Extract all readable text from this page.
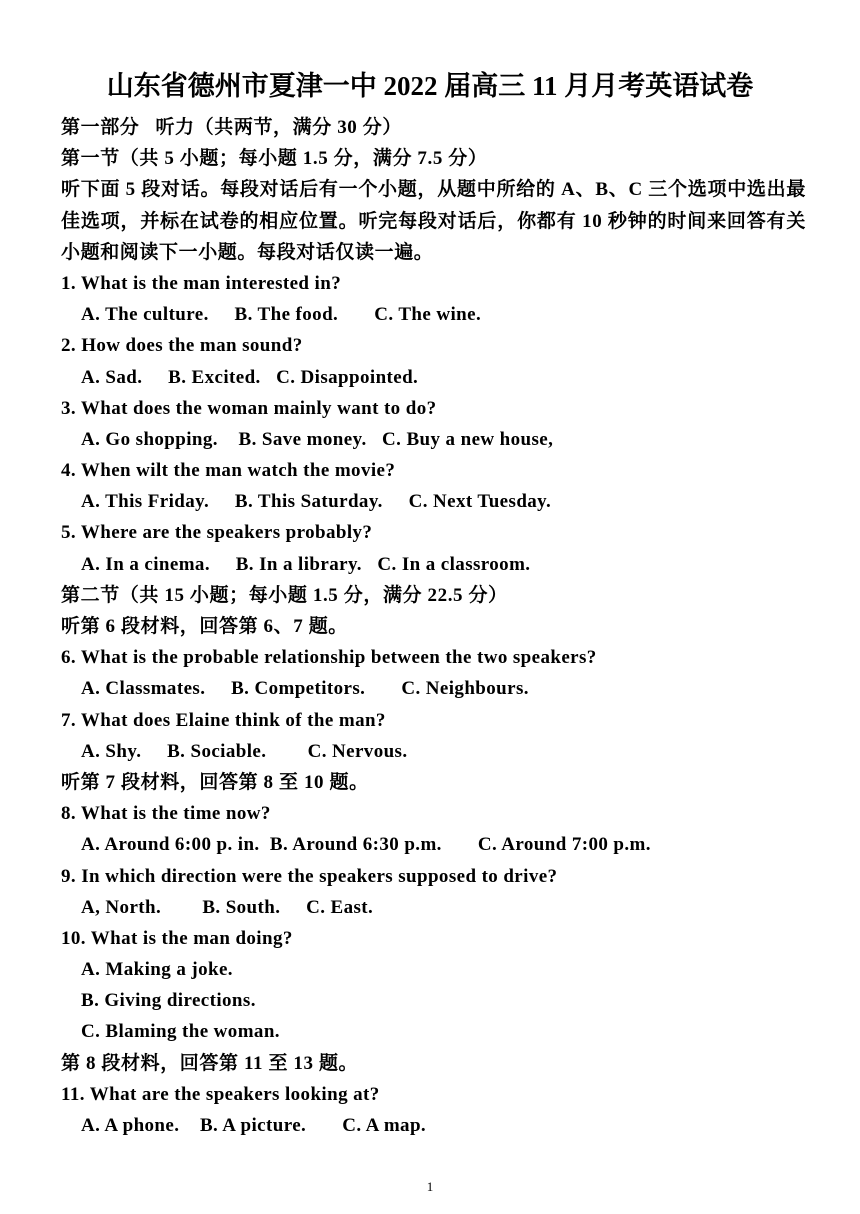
山东省德州市夏津一中 2022 届高三 11 月月考英语试卷
第一部分   听力（共两节，满分 30 分）
第一节（共 5 小题；每小题 1.5 分，满分 7.5 分）
听下面 5 段对话。每段对话后有一个小题，从题中所给的 A、B、C 三个选项中选出最佳选项，并标在试卷的相应位置。听完每段对话后，你都有 10 秒钟的时间来回答有关小题和阅读下一小题。每段对话仅读一遍。
1. What is the man interested in?
A. The culture.     B. The food.       C. The wine.
2. How does the man sound?
A. Sad.     B. Excited.   C. Disappointed.
3. What does the woman mainly want to do?
A. Go shopping.    B. Save money.   C. Buy a new house,
4. When wilt the man watch the movie?
A. This Friday.     B. This Saturday.     C. Next Tuesday.
5. Where are the speakers probably?
A. In a cinema.     B. In a library.   C. In a classroom.
第二节（共 15 小题；每小题 1.5 分，满分 22.5 分）
听第 6 段材料，回答第 6、7 题。
6. What is the probable relationship between the two speakers?
A. Classmates.     B. Competitors.       C. Neighbours.
7. What does Elaine think of the man?
A. Shy.     B. Sociable.        C. Nervous.
听第 7 段材料，回答第 8 至 10 题。
8. What is the time now?
A. Around 6:00 p. in.  B. Around 6:30 p.m.       C. Around 7:00 p.m.
9. In which direction were the speakers supposed to drive?
A, North.        B. South.     C. East.
10. What is the man doing?
A. Making a joke.
B. Giving directions.
C. Blaming the woman.
第 8 段材料，回答第 11 至 13 题。
11. What are the speakers looking at?
A. A phone.    B. A picture.       C. A map.
1
